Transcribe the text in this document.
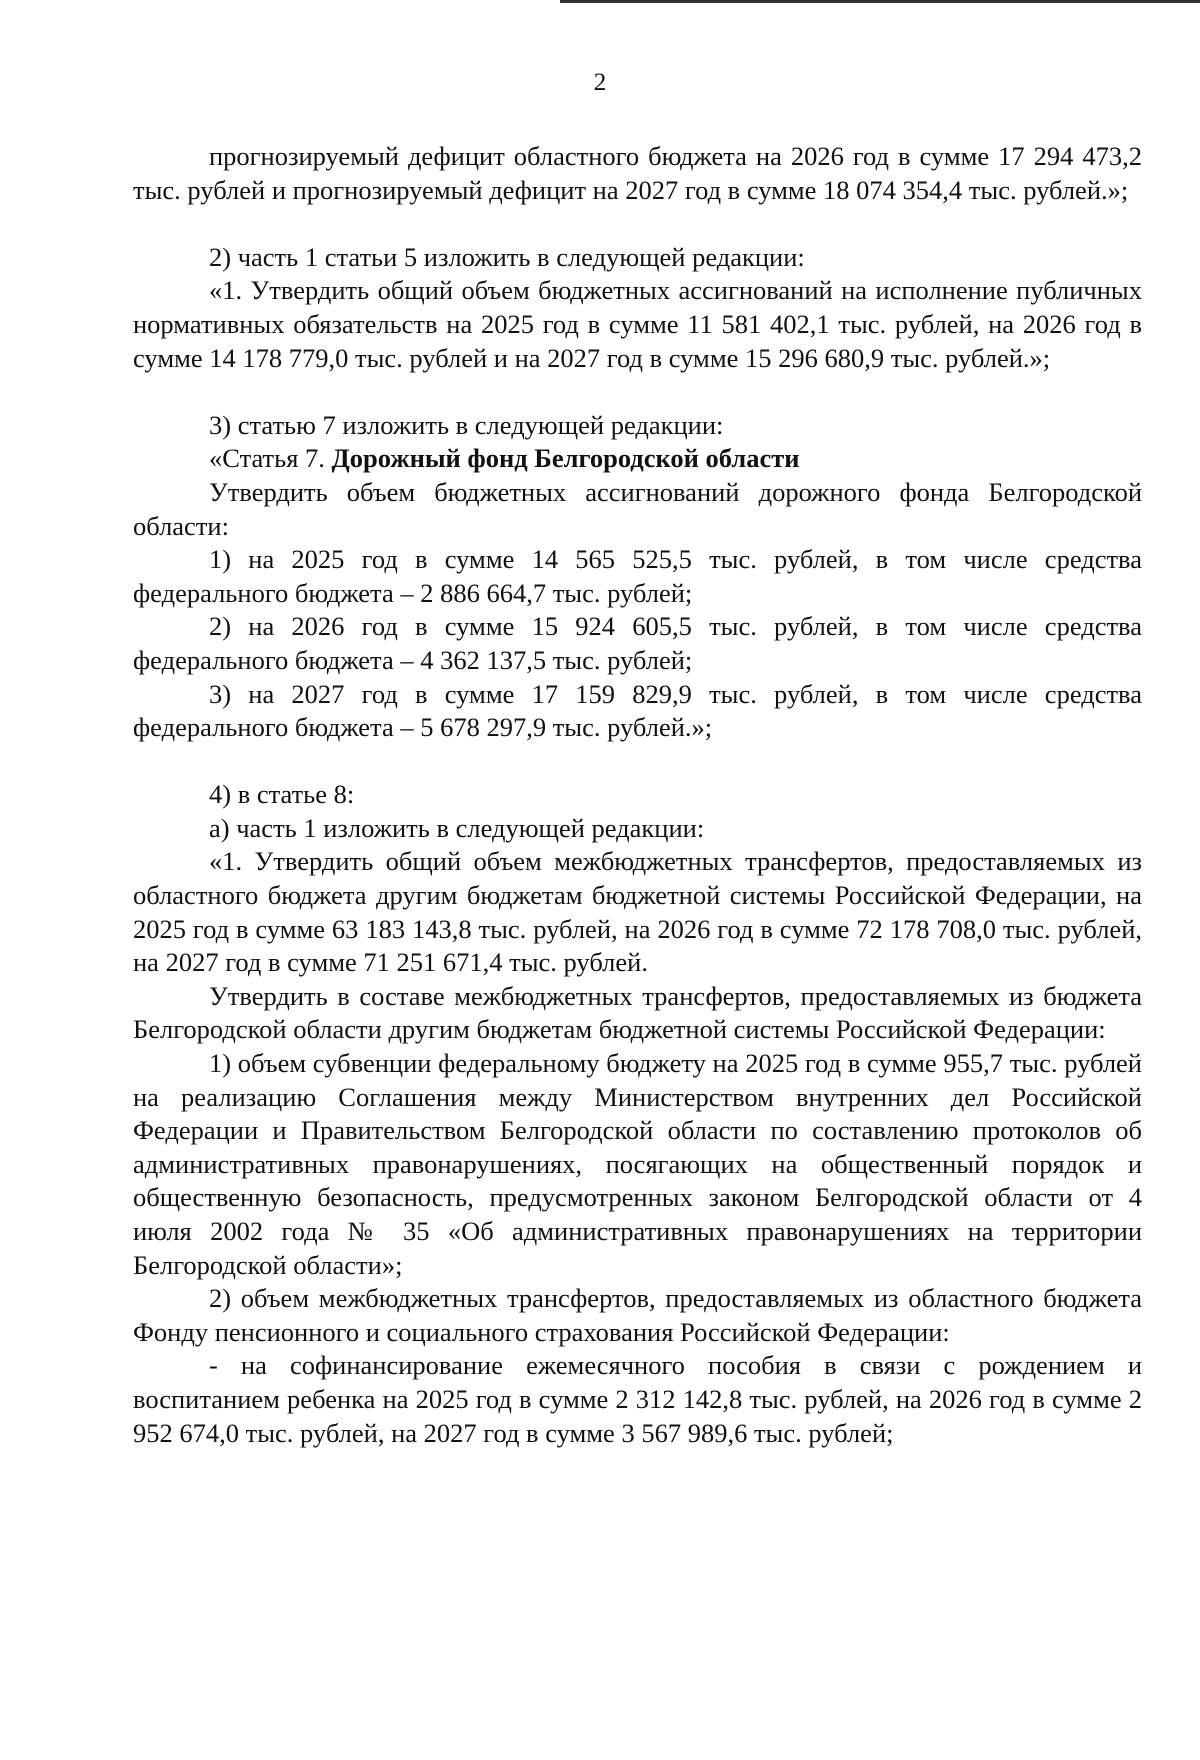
2

прогнозируемый дефицит областного бюджета на 2026 год в сумме 17 294 473,2 тыс. рублей и прогнозируемый дефицит на 2027 год в сумме 18 074 354,4 тыс. рублей.»;

2) часть 1 статьи 5 изложить в следующей редакции:

«1. Утвердить общий объем бюджетных ассигнований на исполнение публичных нормативных обязательств на 2025 год в сумме 11 581 402,1 тыс. рублей, на 2026 год в сумме 14 178 779,0 тыс. рублей и на 2027 год в сумме 15 296 680,9 тыс. рублей.»;

3) статью 7 изложить в следующей редакции:

«Статья 7. Дорожный фонд Белгородской области

Утвердить объем бюджетных ассигнований дорожного фонда Белгородской области:

1) на 2025 год в сумме 14 565 525,5 тыс. рублей, в том числе средства федерального бюджета – 2 886 664,7 тыс. рублей;

2) на 2026 год в сумме 15 924 605,5 тыс. рублей, в том числе средства федерального бюджета – 4 362 137,5 тыс. рублей;

3) на 2027 год в сумме 17 159 829,9 тыс. рублей, в том числе средства федерального бюджета – 5 678 297,9 тыс. рублей.»;

4) в статье 8:

а) часть 1 изложить в следующей редакции:

«1. Утвердить общий объем межбюджетных трансфертов, предоставляемых из областного бюджета другим бюджетам бюджетной системы Российской Федерации, на 2025 год в сумме 63 183 143,8 тыс. рублей, на 2026 год в сумме 72 178 708,0 тыс. рублей, на 2027 год в сумме 71 251 671,4 тыс. рублей.

Утвердить в составе межбюджетных трансфертов, предоставляемых из бюджета Белгородской области другим бюджетам бюджетной системы Российской Федерации:

1) объем субвенции федеральному бюджету на 2025 год в сумме 955,7 тыс. рублей на реализацию Соглашения между Министерством внутренних дел Российской Федерации и Правительством Белгородской области по составлению протоколов об административных правонарушениях, посягающих на общественный порядок и общественную безопасность, предусмотренных законом Белгородской области от 4 июля 2002 года № 35 «Об административных правонарушениях на территории Белгородской области»;

2) объем межбюджетных трансфертов, предоставляемых из областного бюджета Фонду пенсионного и социального страхования Российской Федерации:

- на софинансирование ежемесячного пособия в связи с рождением и воспитанием ребенка на 2025 год в сумме 2 312 142,8 тыс. рублей, на 2026 год в сумме 2 952 674,0 тыс. рублей, на 2027 год в сумме 3 567 989,6 тыс. рублей;
